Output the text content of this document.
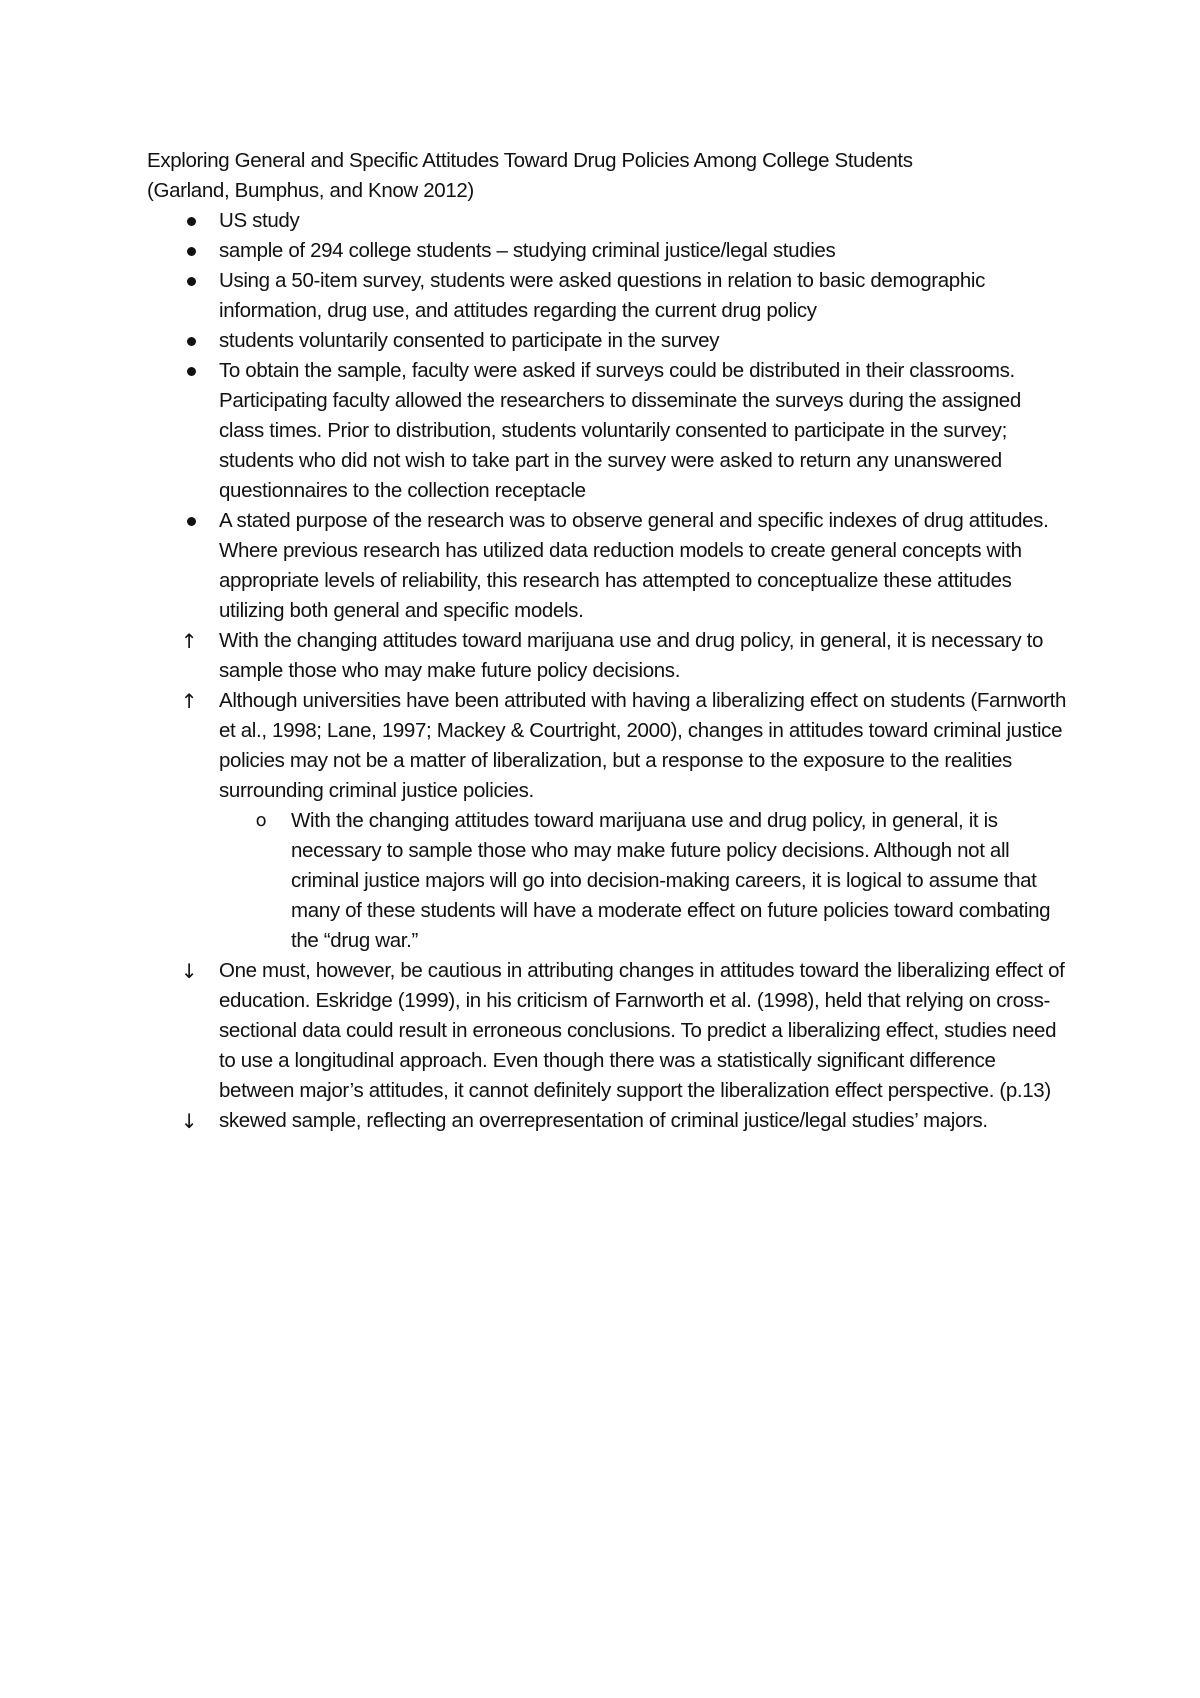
Exploring General and Specific Attitudes Toward Drug Policies Among College Students

(Garland, Bumphus, and Know 2012)

US study
sample of 294 college students – studying criminal justice/legal studies
Using a 50-item survey, students were asked questions in relation to basic demographic information, drug use, and attitudes regarding the current drug policy
students voluntarily consented to participate in the survey
To obtain the sample, faculty were asked if surveys could be distributed in their classrooms. Participating faculty allowed the researchers to disseminate the surveys during the assigned class times. Prior to distribution, students voluntarily consented to participate in the survey; students who did not wish to take part in the survey were asked to return any unanswered questionnaires to the collection receptacle
A stated purpose of the research was to observe general and specific indexes of drug attitudes. Where previous research has utilized data reduction models to create general concepts with appropriate levels of reliability, this research has attempted to conceptualize these attitudes utilizing both general and specific models.
↑ With the changing attitudes toward marijuana use and drug policy, in general, it is necessary to sample those who may make future policy decisions.
↑ Although universities have been attributed with having a liberalizing effect on students (Farnworth et al., 1998; Lane, 1997; Mackey & Courtright, 2000), changes in attitudes toward criminal justice policies may not be a matter of liberalization, but a response to the exposure to the realities surrounding criminal justice policies.
o	With the changing attitudes toward marijuana use and drug policy, in general, it is necessary to sample those who may make future policy decisions. Although not all criminal justice majors will go into decision-making careers, it is logical to assume that many of these students will have a moderate effect on future policies toward combating the “drug war.”
↓ One must, however, be cautious in attributing changes in attitudes toward the liberalizing effect of education. Eskridge (1999), in his criticism of Farnworth et al. (1998), held that relying on cross-sectional data could result in erroneous conclusions. To predict a liberalizing effect, studies need to use a longitudinal approach. Even though there was a statistically significant difference between major’s attitudes, it cannot definitely support the liberalization effect perspective. (p.13)
↓ skewed sample, reflecting an overrepresentation of criminal justice/legal studies’ majors.
